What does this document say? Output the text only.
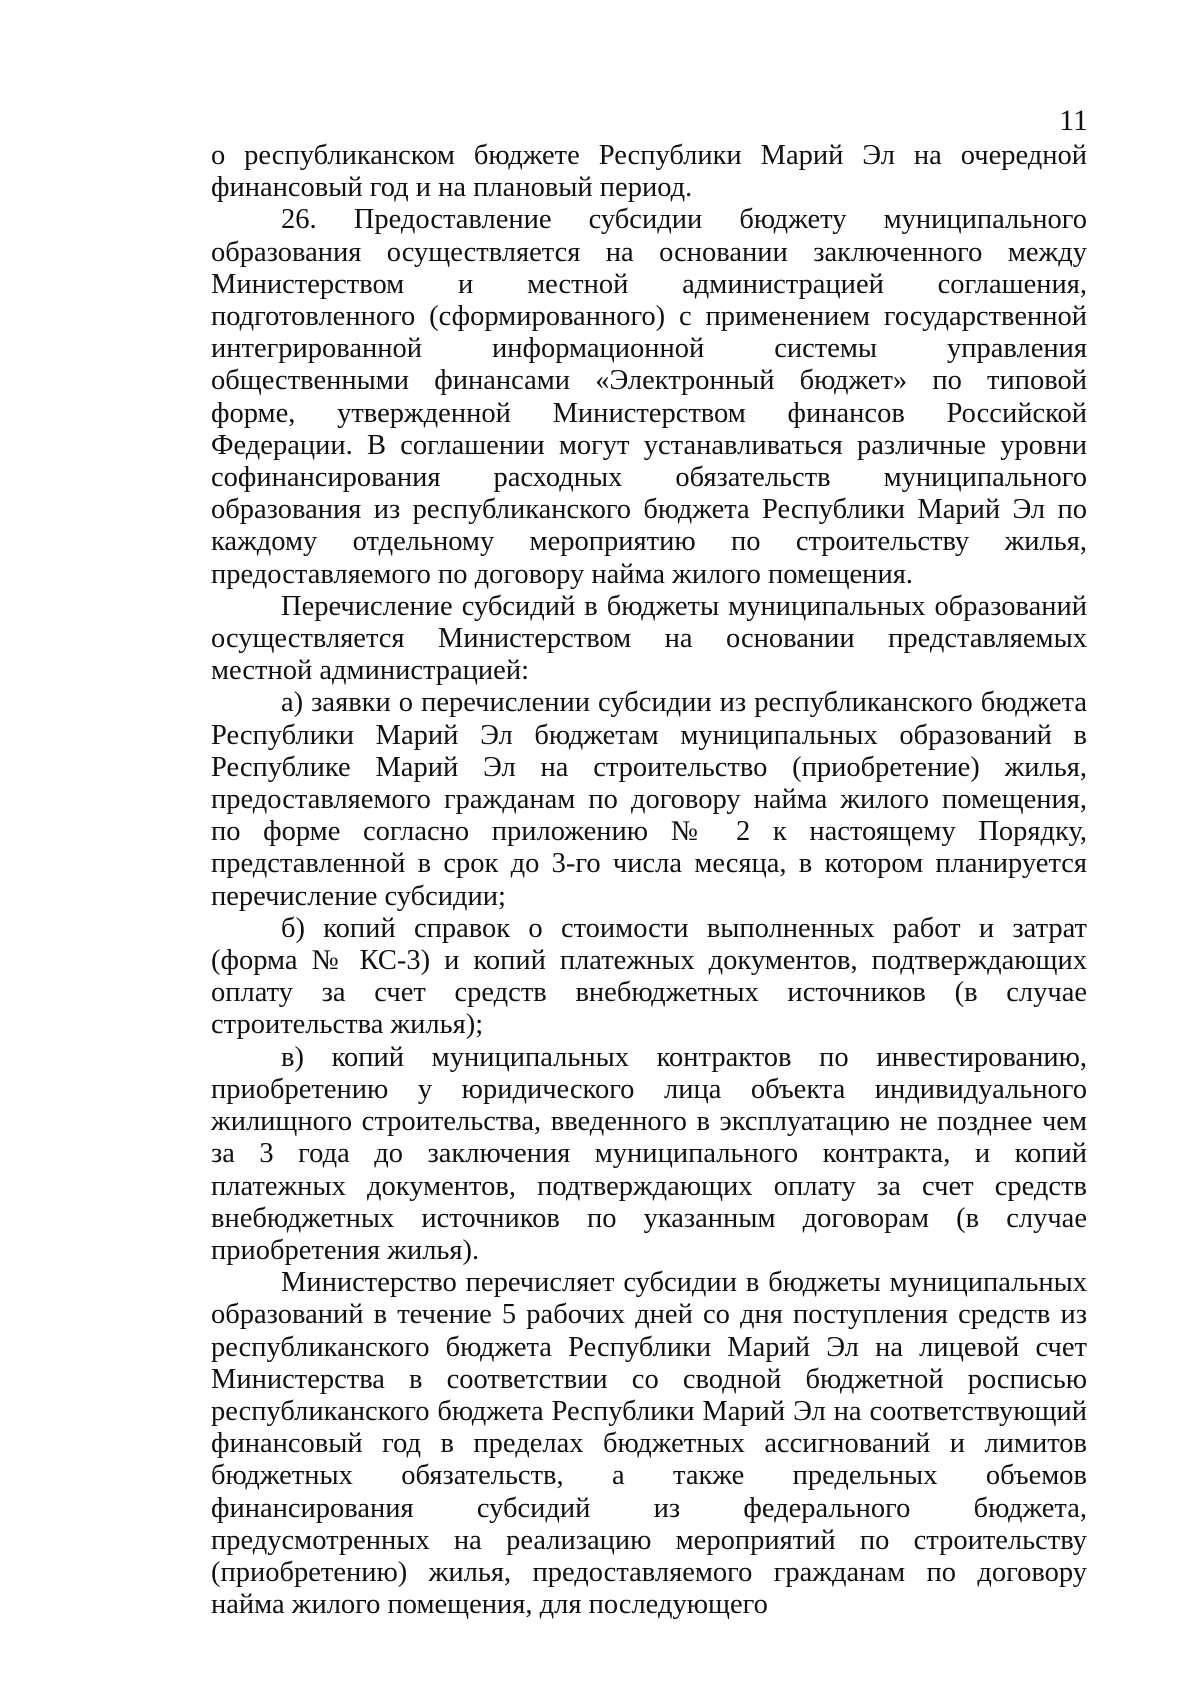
11

о республиканском бюджете Республики Марий Эл на очередной финансовый год и на плановый период.

26. Предоставление субсидии бюджету муниципального образования осуществляется на основании заключенного между Министерством и местной администрацией соглашения, подготовленного (сформированного) с применением государственной интегрированной информационной системы управления общественными финансами «Электронный бюджет» по типовой форме, утвержденной Министерством финансов Российской Федерации. В соглашении могут устанавливаться различные уровни софинансирования расходных обязательств муниципального образования из республиканского бюджета Республики Марий Эл по каждому отдельному мероприятию по строительству жилья, предоставляемого по договору найма жилого помещения.

Перечисление субсидий в бюджеты муниципальных образований осуществляется Министерством на основании представляемых местной администрацией:

а) заявки о перечислении субсидии из республиканского бюджета Республики Марий Эл бюджетам муниципальных образований в Республике Марий Эл на строительство (приобретение) жилья, предоставляемого гражданам по договору найма жилого помещения, по форме согласно приложению № 2 к настоящему Порядку, представленной в срок до 3-го числа месяца, в котором планируется перечисление субсидии;

б) копий справок о стоимости выполненных работ и затрат (форма № КС-3) и копий платежных документов, подтверждающих оплату за счет средств внебюджетных источников (в случае строительства жилья);

в) копий муниципальных контрактов по инвестированию, приобретению у юридического лица объекта индивидуального жилищного строительства, введенного в эксплуатацию не позднее чем за 3 года до заключения муниципального контракта, и копий платежных документов, подтверждающих оплату за счет средств внебюджетных источников по указанным договорам (в случае приобретения жилья).

Министерство перечисляет субсидии в бюджеты муниципальных образований в течение 5 рабочих дней со дня поступления средств из республиканского бюджета Республики Марий Эл на лицевой счет Министерства в соответствии со сводной бюджетной росписью республиканского бюджета Республики Марий Эл на соответствующий финансовый год в пределах бюджетных ассигнований и лимитов бюджетных обязательств, а также предельных объемов финансирования субсидий из федерального бюджета, предусмотренных на реализацию мероприятий по строительству (приобретению) жилья, предоставляемого гражданам по договору найма жилого помещения, для последующего
